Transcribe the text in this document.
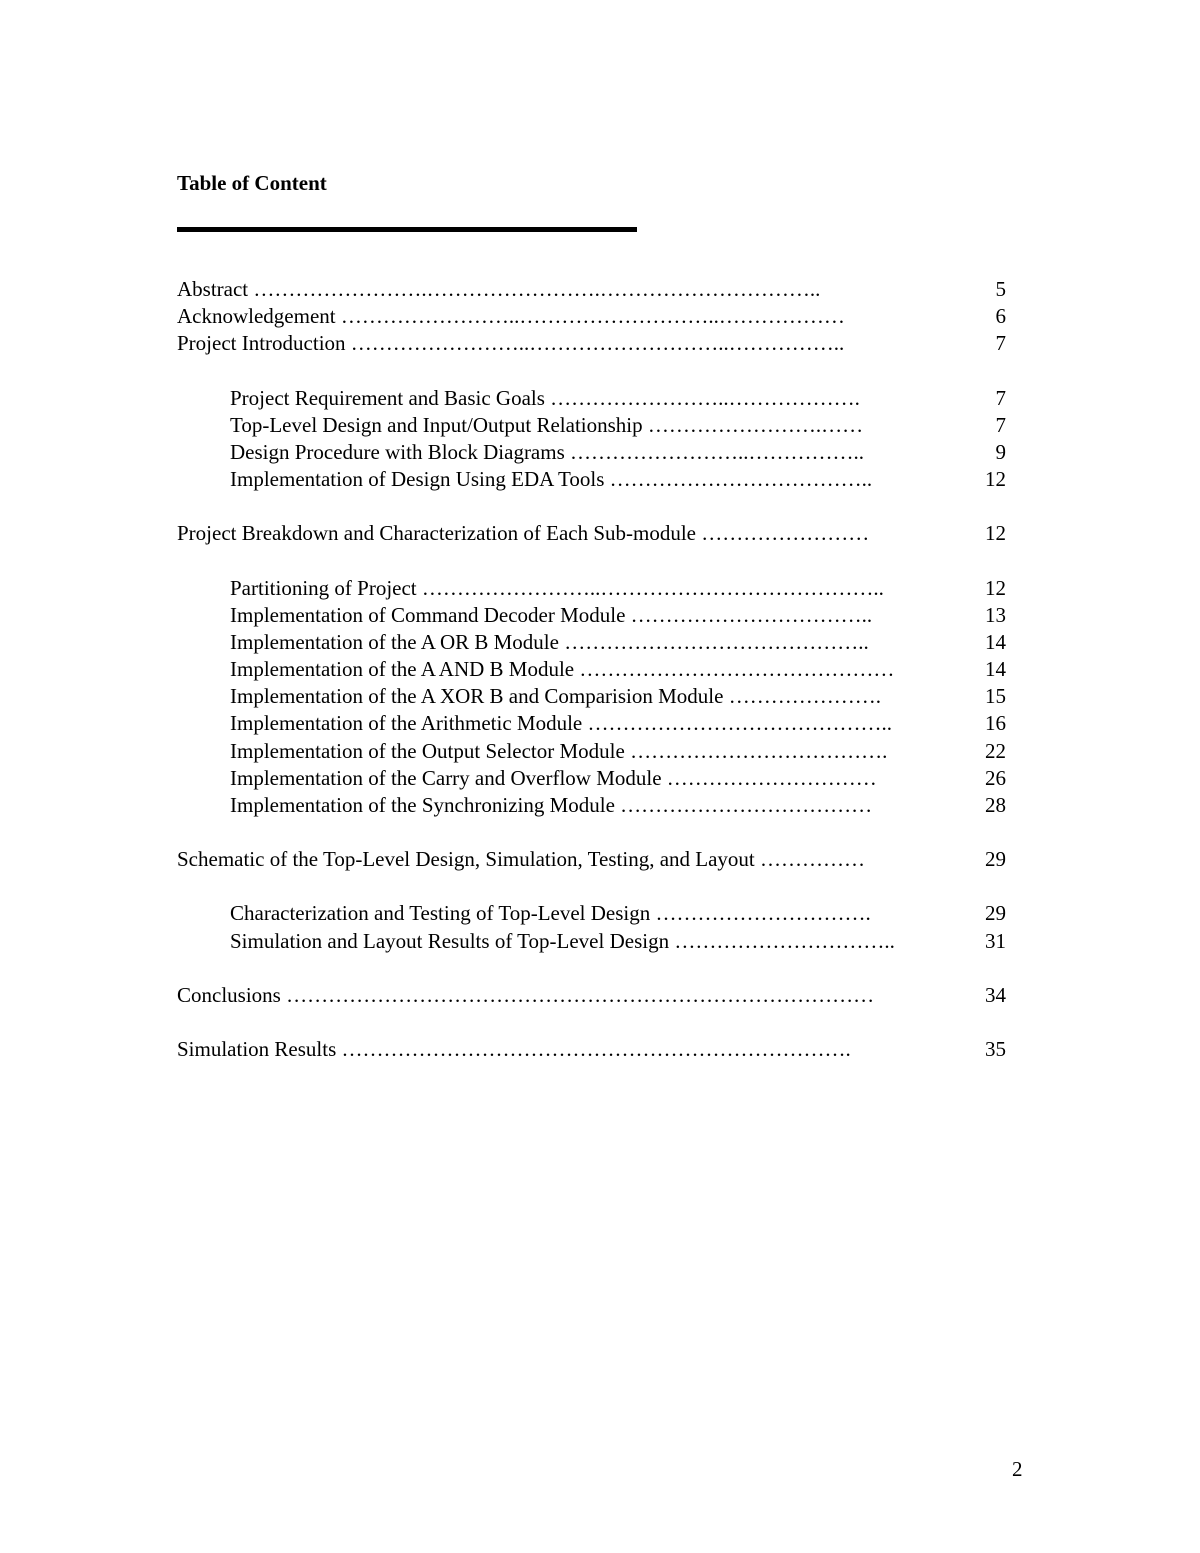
Table of Content
Abstract …………………….…………………….…………………………..	5
Acknowledgement ……………………..………………………..………………	6
Project Introduction ……………………..………………………..……………..	7
Project Requirement and Basic Goals ……………………..……………….	7
Top-Level Design and Input/Output Relationship …………………….……	7
Design Procedure with Block Diagrams ……………………..……………..	9
Implementation of Design Using EDA Tools ………………………………..	12
Project Breakdown and Characterization of Each Sub-module ……………………	12
Partitioning of Project ……………………..…………………………………..	12
Implementation of Command Decoder Module ……………………………..	13
Implementation of the A OR B Module ……………………………………..	14
Implementation of the A AND B Module ………………………………………	14
Implementation of the A XOR B and Comparision Module ………………….	15
Implementation of the Arithmetic Module ……………………………………..	16
Implementation of the Output Selector Module ……………………………….	22
Implementation of the Carry and Overflow Module …………………………	26
Implementation of the Synchronizing Module ………………………………	28
Schematic of the Top-Level Design, Simulation, Testing, and Layout ……………	29
Characterization and Testing of Top-Level Design ………………………….	29
Simulation and Layout Results of Top-Level Design …………………………..	31
Conclusions …………………………………………………………………………	34
Simulation Results ……………………………………………………………….	35
2
